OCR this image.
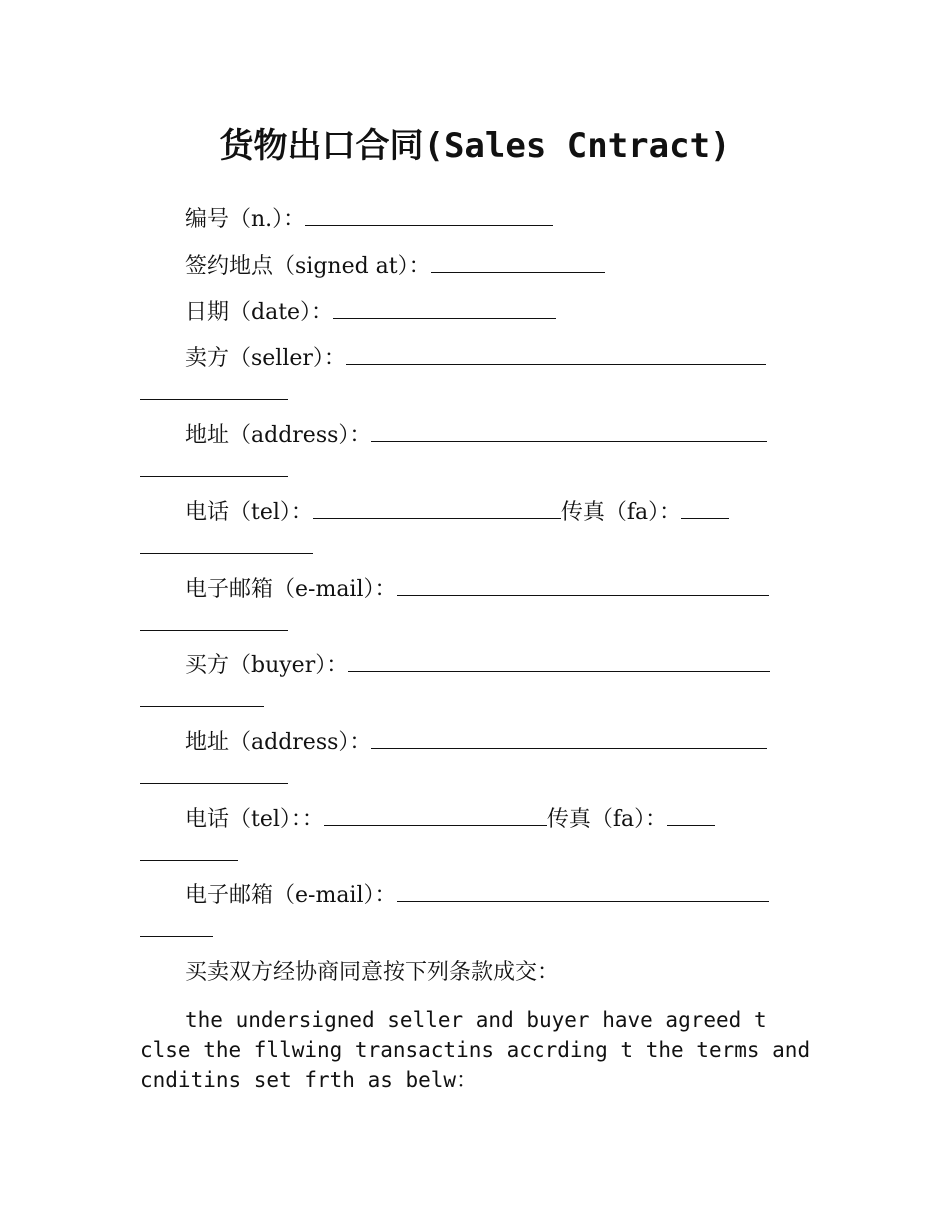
货物出口合同(Sales Cntract)
编号（n.）：
签约地点（signed at）：
日期（date）：
卖方（seller）：
地址（address）：
电话（tel）：	传真（fa）：
电子邮箱（e-mail）：
买方（buyer）：
地址（address）：
电话（tel）：：	传真（fa）：
电子邮箱（e-mail）：
买卖双方经协商同意按下列条款成交：
the undersigned seller and buyer have agreed t
clse the fllwing transactins accrding t the terms and
cnditins set frth as belw：
